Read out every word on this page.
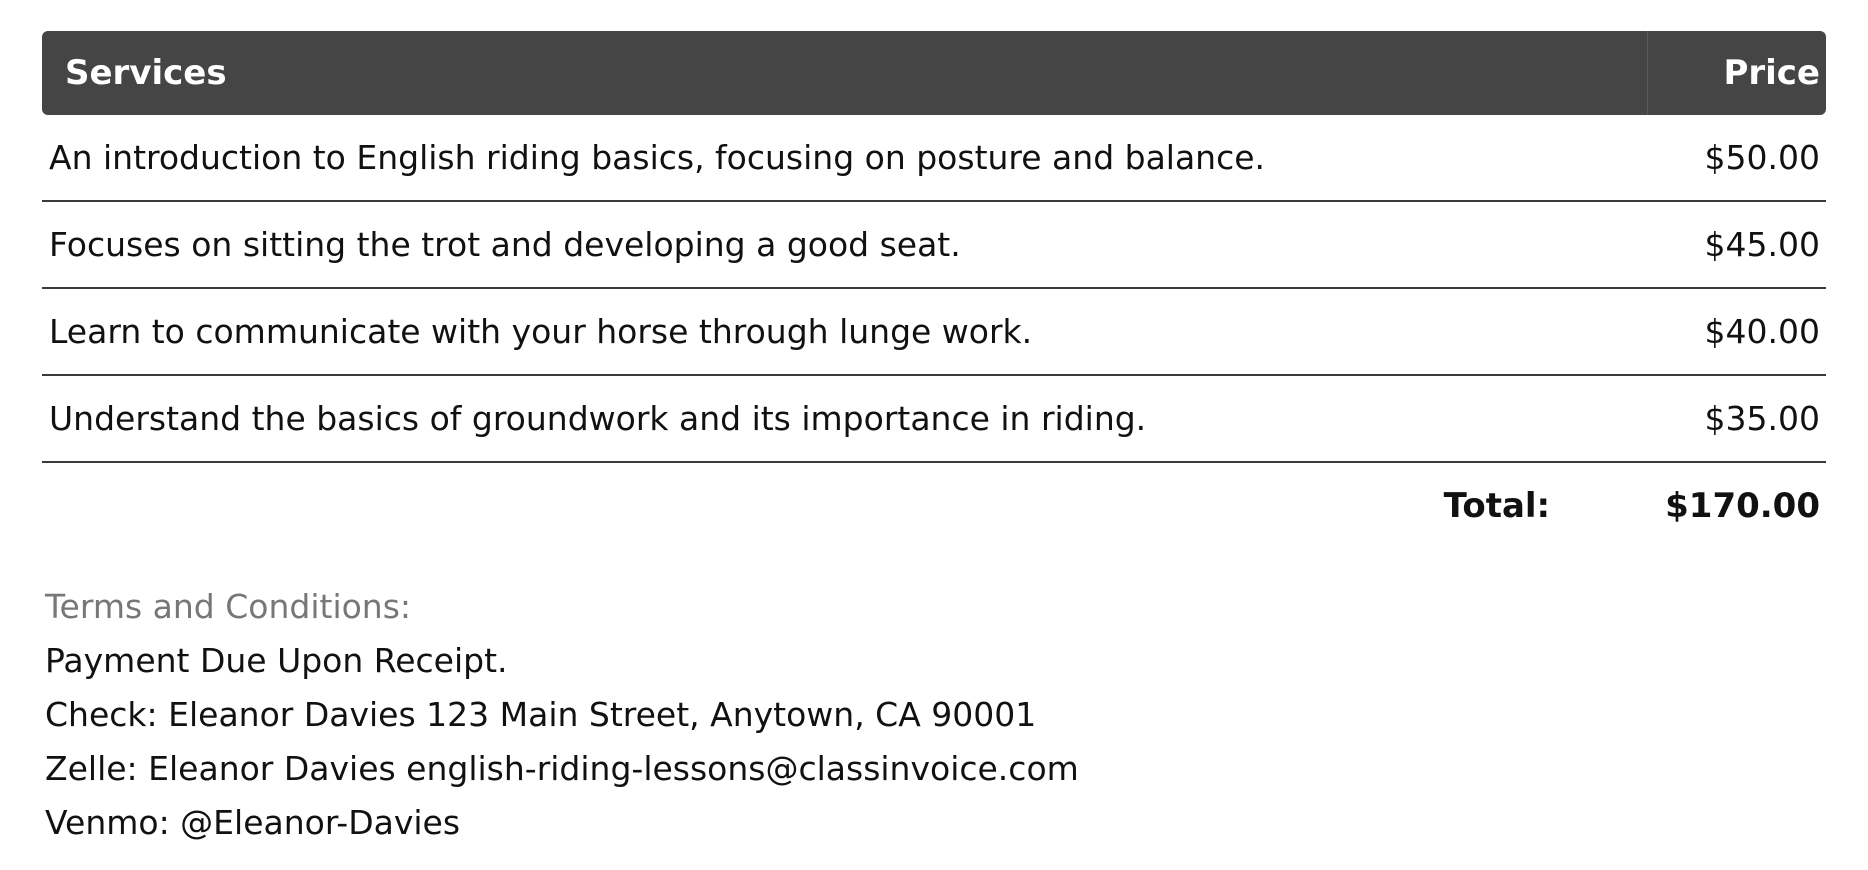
Services	Price
An introduction to English riding basics, focusing on posture and balance.	$50.00
Focuses on sitting the trot and developing a good seat.	$45.00
Learn to communicate with your horse through lunge work.	$40.00
Understand the basics of groundwork and its importance in riding.	$35.00
Total:	$170.00
Terms and Conditions:
Payment Due Upon Receipt.
Check: Eleanor Davies 123 Main Street, Anytown, CA 90001
Zelle: Eleanor Davies english-riding-lessons@classinvoice.com
Venmo: @Eleanor-Davies
